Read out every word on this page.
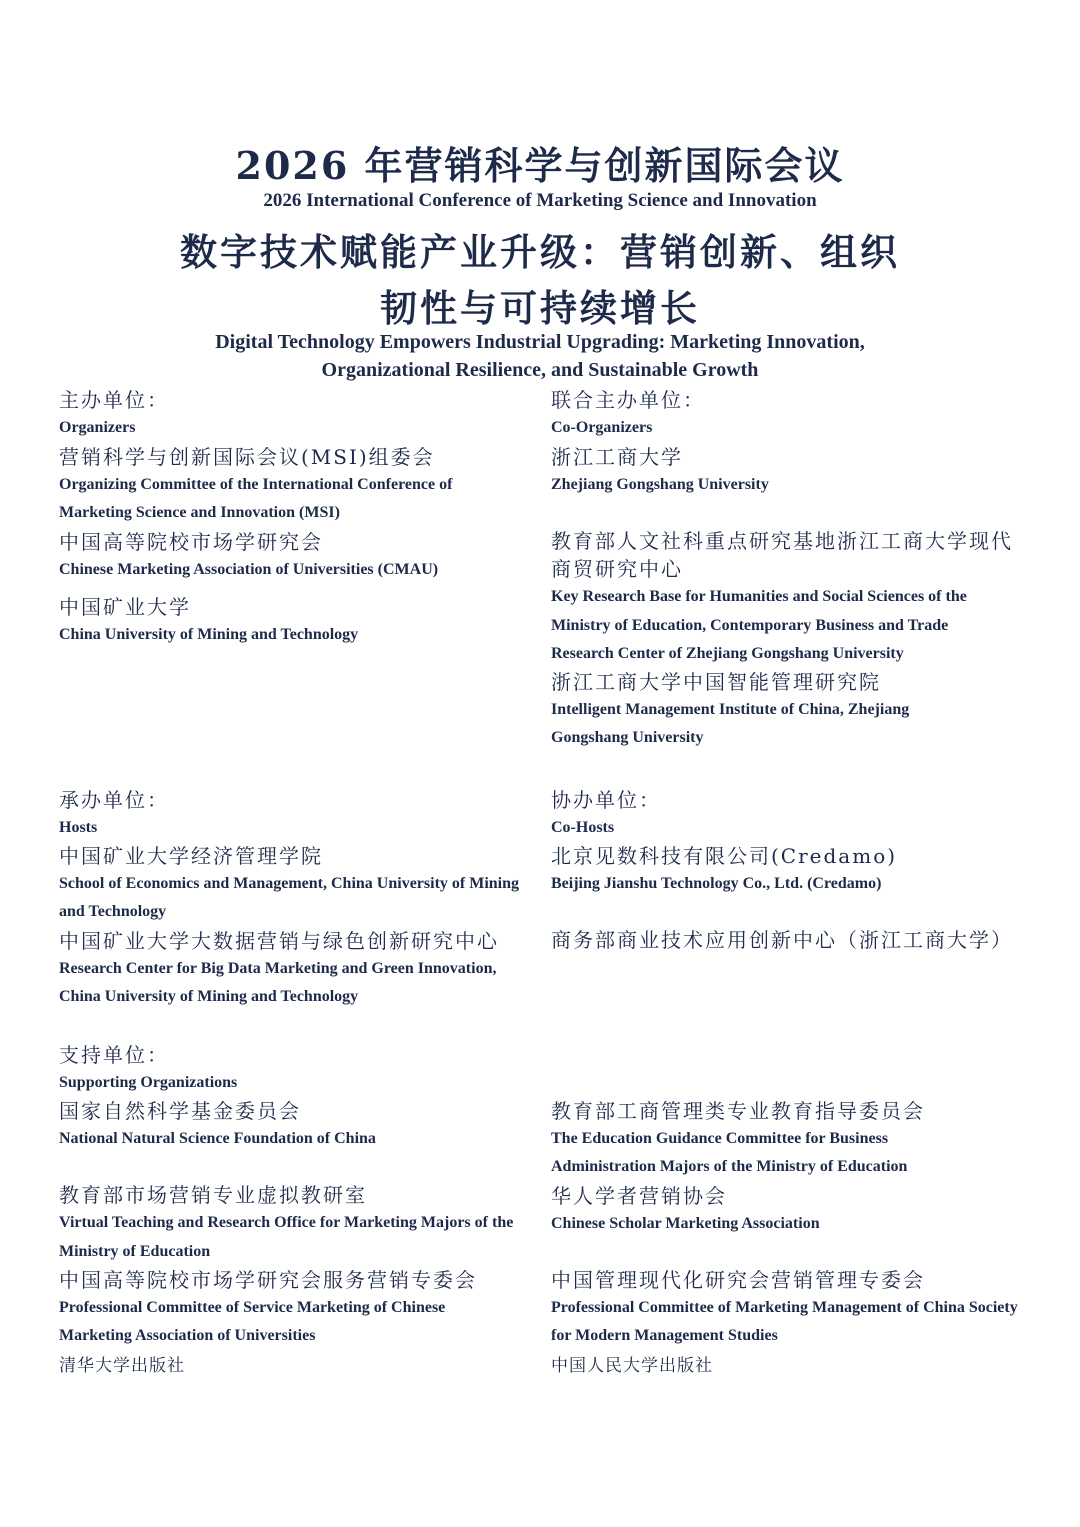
2026 年营销科学与创新国际会议
2026 International Conference of Marketing Science and Innovation
数字技术赋能产业升级：营销创新、组织
韧性与可持续增长
Digital Technology Empowers Industrial Upgrading: Marketing Innovation,
Organizational Resilience, and Sustainable Growth
主办单位：
Organizers
营销科学与创新国际会议(MSI)组委会
Organizing Committee of the International Conference of Marketing Science and Innovation (MSI)
中国高等院校市场学研究会
Chinese Marketing Association of Universities (CMAU)
中国矿业大学
China University of Mining and Technology
联合主办单位：
Co-Organizers
浙江工商大学
Zhejiang Gongshang University
教育部人文社科重点研究基地浙江工商大学现代商贸研究中心
Key Research Base for Humanities and Social Sciences of the Ministry of Education, Contemporary Business and Trade Research Center of Zhejiang Gongshang University
浙江工商大学中国智能管理研究院
Intelligent Management Institute of China, Zhejiang Gongshang University
承办单位：
Hosts
中国矿业大学经济管理学院
School of Economics and Management, China University of Mining and Technology
中国矿业大学大数据营销与绿色创新研究中心
Research Center for Big Data Marketing and Green Innovation, China University of Mining and Technology
协办单位：
Co-Hosts
北京见数科技有限公司(Credamo)
Beijing Jianshu Technology Co., Ltd. (Credamo)
商务部商业技术应用创新中心（浙江工商大学）
支持单位：
Supporting Organizations
国家自然科学基金委员会
National Natural Science Foundation of China
教育部市场营销专业虚拟教研室
Virtual Teaching and Research Office for Marketing Majors of the Ministry of Education
中国高等院校市场学研究会服务营销专委会
Professional Committee of Service Marketing of Chinese Marketing Association of Universities
清华大学出版社
教育部工商管理类专业教育指导委员会
The Education Guidance Committee for Business Administration Majors of the Ministry of Education
华人学者营销协会
Chinese Scholar Marketing Association
中国管理现代化研究会营销管理专委会
Professional Committee of Marketing Management of China Society for Modern Management Studies
中国人民大学出版社
